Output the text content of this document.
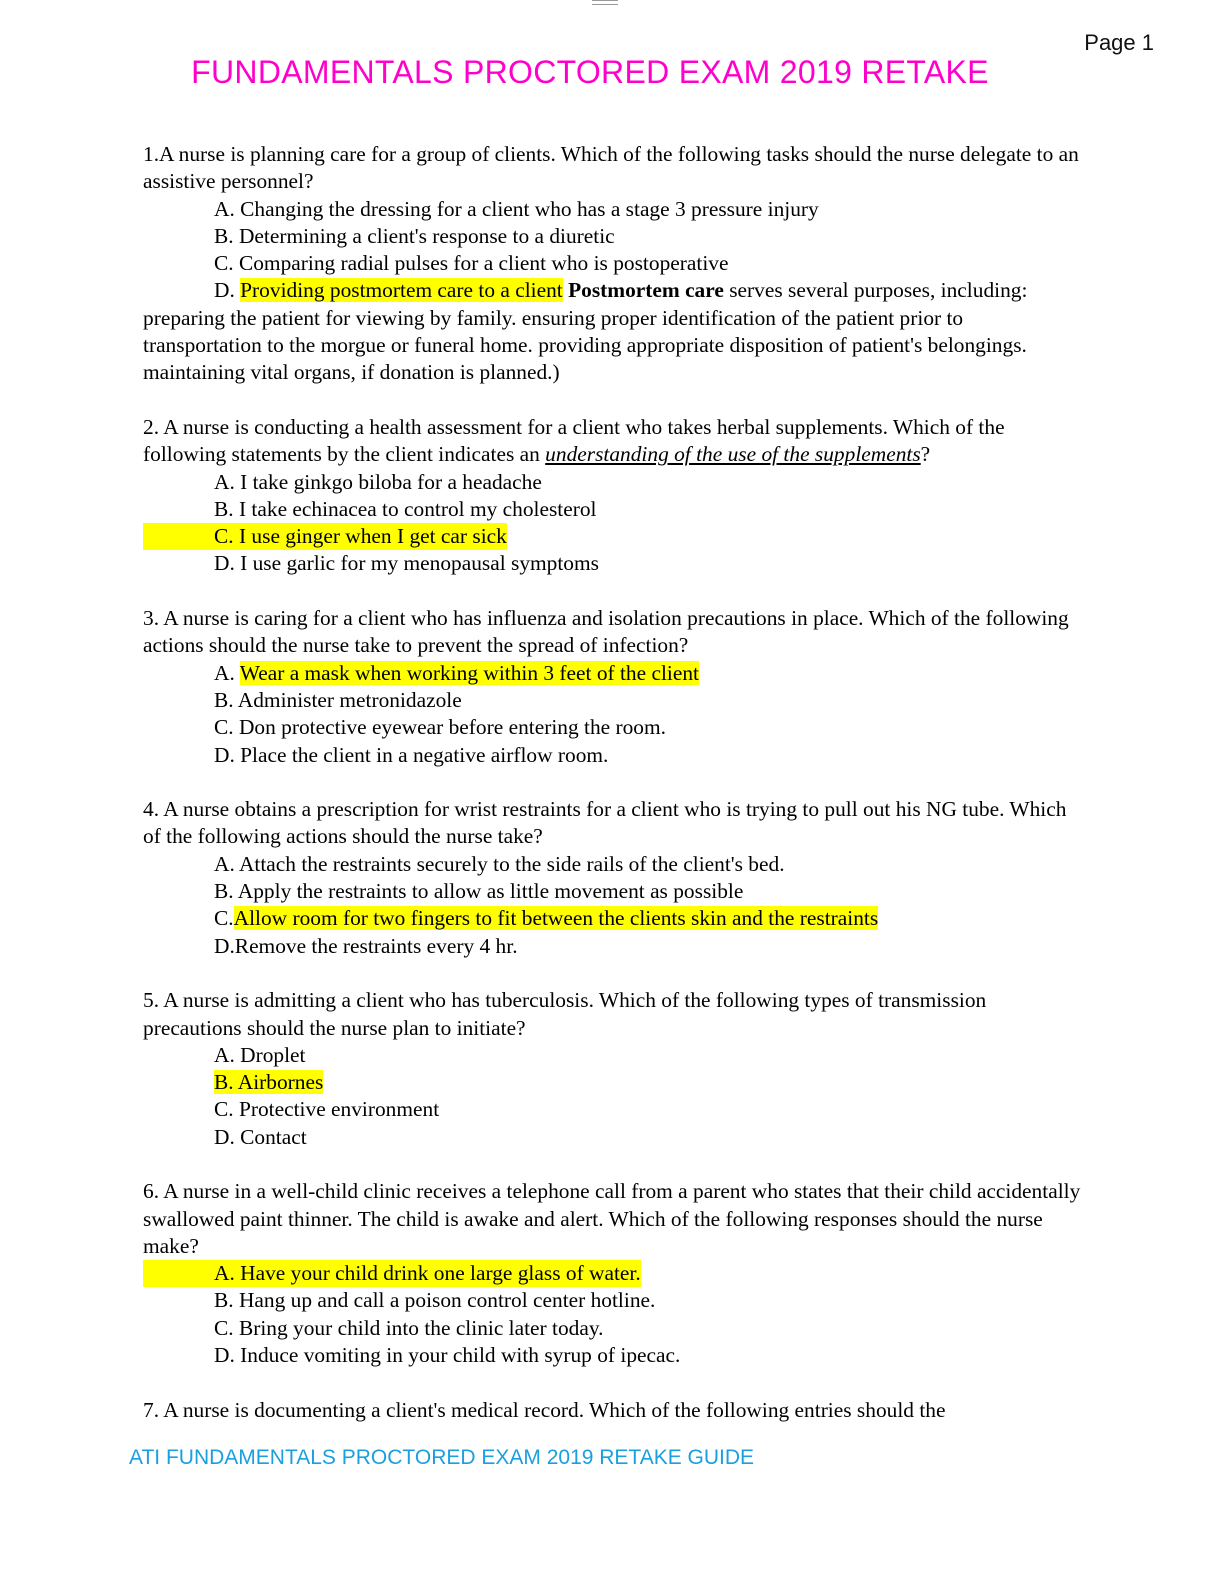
Page 1
FUNDAMENTALS PROCTORED EXAM 2019 RETAKE
1.A nurse is planning care for a group of clients. Which of the following tasks should the nurse delegate to an assistive personnel?
A. Changing the dressing for a client who has a stage 3 pressure injury
B. Determining a client's response to a diuretic
C. Comparing radial pulses for a client who is postoperative
D. Providing postmortem care to a client Postmortem care serves several purposes, including: preparing the patient for viewing by family. ensuring proper identification of the patient prior to transportation to the morgue or funeral home. providing appropriate disposition of patient's belongings. maintaining vital organs, if donation is planned.)
2. A nurse is conducting a health assessment for a client who takes herbal supplements. Which of the following statements by the client indicates an understanding of the use of the supplements?
A. I take ginkgo biloba for a headache
B. I take echinacea to control my cholesterol
C. I use ginger when I get car sick
D. I use garlic for my menopausal symptoms
3. A nurse is caring for a client who has influenza and isolation precautions in place. Which of the following actions should the nurse take to prevent the spread of infection?
A. Wear a mask when working within 3 feet of the client
B. Administer metronidazole
C. Don protective eyewear before entering the room.
D. Place the client in a negative airflow room.
4. A nurse obtains a prescription for wrist restraints for a client who is trying to pull out his NG tube. Which of the following actions should the nurse take?
A. Attach the restraints securely to the side rails of the client's bed.
B. Apply the restraints to allow as little movement as possible
C.Allow room for two fingers to fit between the clients skin and the restraints
D.Remove the restraints every 4 hr.
5. A nurse is admitting a client who has tuberculosis. Which of the following types of transmission precautions should the nurse plan to initiate?
A. Droplet
B. Airbornes
C. Protective environment
D. Contact
6. A nurse in a well-child clinic receives a telephone call from a parent who states that their child accidentally swallowed paint thinner. The child is awake and alert. Which of the following responses should the nurse make?
A. Have your child drink one large glass of water.
B. Hang up and call a poison control center hotline.
C. Bring your child into the clinic later today.
D. Induce vomiting in your child with syrup of ipecac.
7. A nurse is documenting a client's medical record. Which of the following entries should the
ATI FUNDAMENTALS PROCTORED EXAM 2019 RETAKE GUIDE
